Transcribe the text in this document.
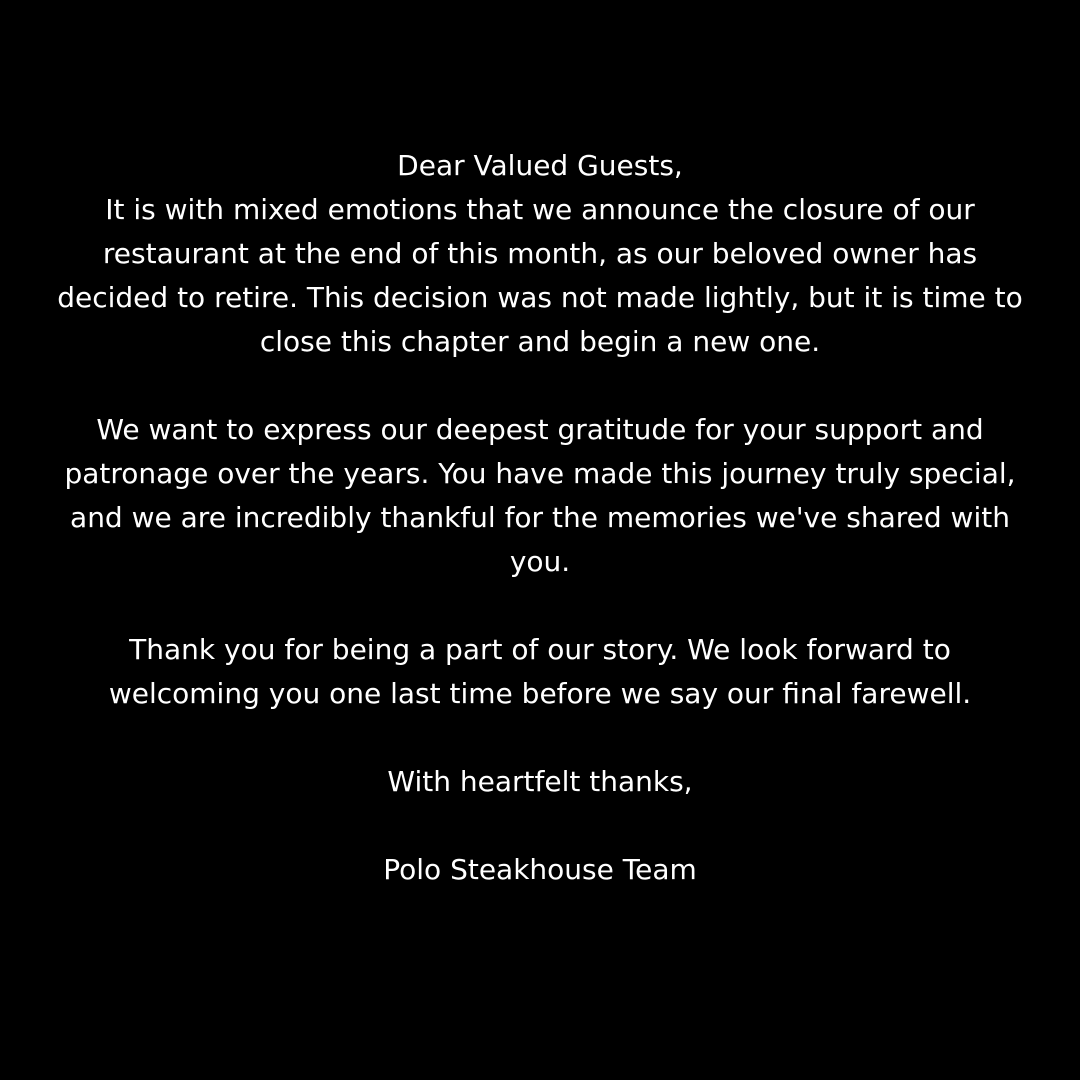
Dear Valued Guests,
It is with mixed emotions that we announce the closure of our
restaurant at the end of this month, as our beloved owner has
decided to retire. This decision was not made lightly, but it is time to
close this chapter and begin a new one.
We want to express our deepest gratitude for your support and
patronage over the years. You have made this journey truly special,
and we are incredibly thankful for the memories we've shared with
you.
Thank you for being a part of our story. We look forward to
welcoming you one last time before we say our final farewell.
With heartfelt thanks,
Polo Steakhouse Team
